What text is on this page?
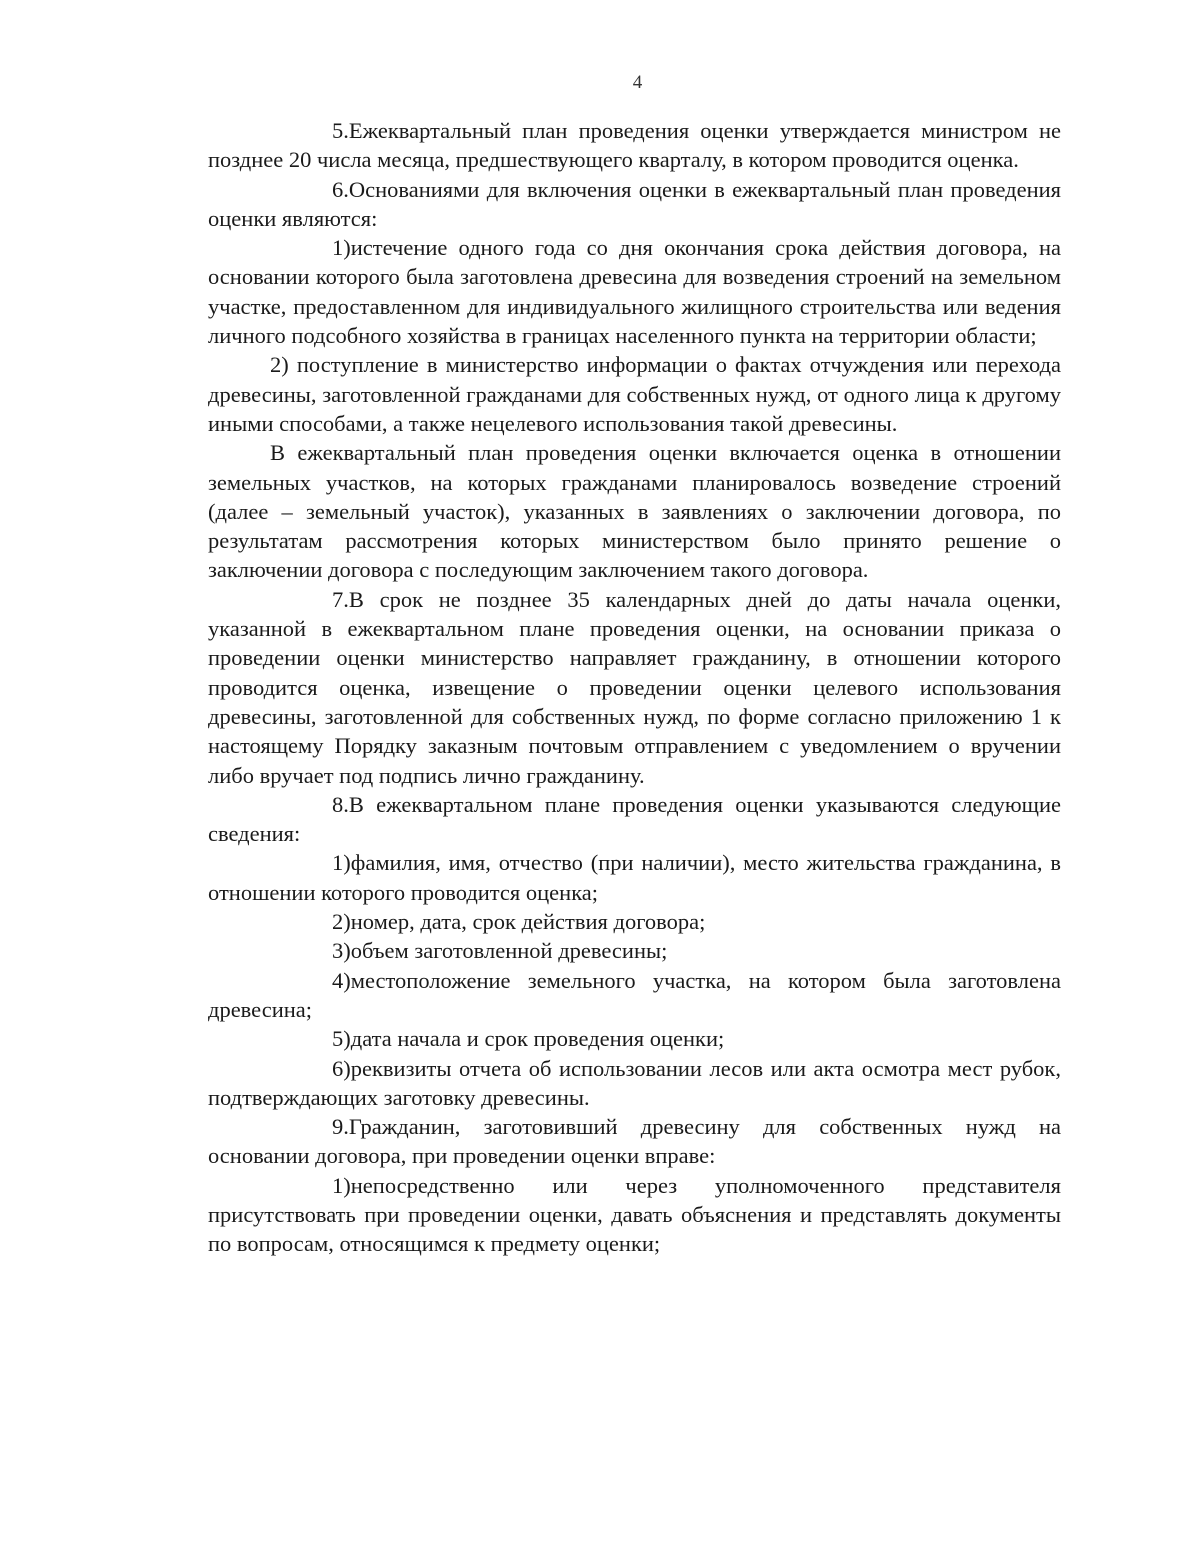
4

5.Ежеквартальный план проведения оценки утверждается министром не позднее 20 числа месяца, предшествующего кварталу, в котором проводится оценка.

6.Основаниями для включения оценки в ежеквартальный план проведения оценки являются:

1)истечение одного года со дня окончания срока действия договора, на основании которого была заготовлена древесина для возведения строений на земельном участке, предоставленном для индивидуального жилищного строительства или ведения личного подсобного хозяйства в границах населенного пункта на территории области;

2) поступление в министерство информации о фактах отчуждения или перехода древесины, заготовленной гражданами для собственных нужд, от одного лица к другому иными способами, а также нецелевого использования такой древесины.

В ежеквартальный план проведения оценки включается оценка в отношении земельных участков, на которых гражданами планировалось возведение строений (далее – земельный участок), указанных в заявлениях о заключении договора, по результатам рассмотрения которых министерством было принято решение о заключении договора с последующим заключением такого договора.

7.В срок не позднее 35 календарных дней до даты начала оценки, указанной в ежеквартальном плане проведения оценки, на основании приказа о проведении оценки министерство направляет гражданину, в отношении которого проводится оценка, извещение о проведении оценки целевого использования древесины, заготовленной для собственных нужд, по форме согласно приложению 1 к настоящему Порядку заказным почтовым отправлением с уведомлением о вручении либо вручает под подпись лично гражданину.

8.В ежеквартальном плане проведения оценки указываются следующие сведения:

1)фамилия, имя, отчество (при наличии), место жительства гражданина, в отношении которого проводится оценка;

2)номер, дата, срок действия договора;

3)объем заготовленной древесины;

4)местоположение земельного участка, на котором была заготовлена древесина;

5)дата начала и срок проведения оценки;

6)реквизиты отчета об использовании лесов или акта осмотра мест рубок, подтверждающих заготовку древесины.

9.Гражданин, заготовивший древесину для собственных нужд на основании договора, при проведении оценки вправе:

1)непосредственно или через уполномоченного представителя присутствовать при проведении оценки, давать объяснения и представлять документы по вопросам, относящимся к предмету оценки;
